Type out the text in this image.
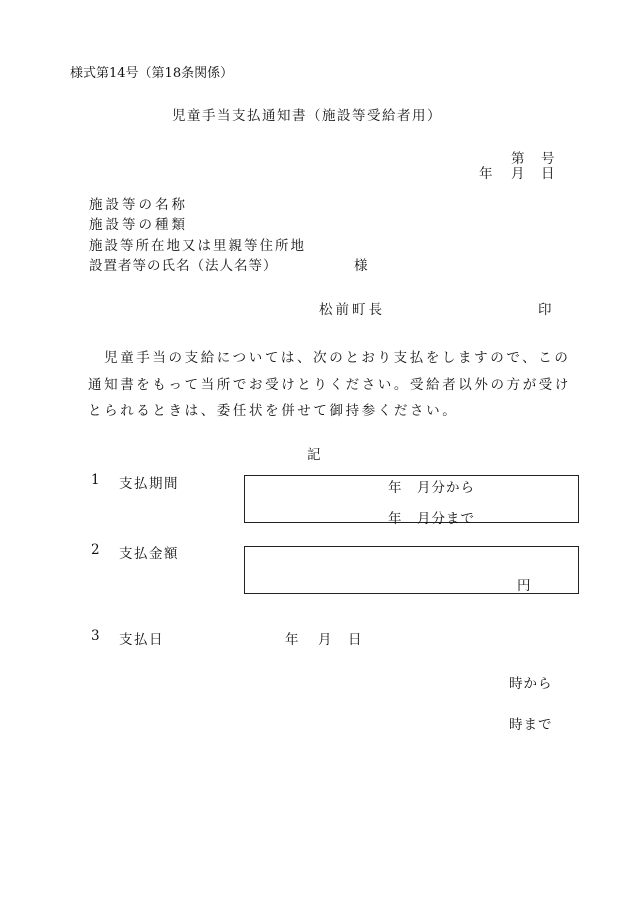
様式第14号（第18条関係）
児童手当支払通知書（施設等受給者用）
第 号
年 月 日
施設等の名称
施設等の種類
施設等所在地又は里親等住所地
設置者等の氏名（法人名等）	様
松前町長	印
　児童手当の支給については、次のとおり支払をしますので、この
通知書をもって当所でお受けとりください。受給者以外の方が受け
とられるときは、委任状を併せて御持参ください。
記
1 支払期間	年　月分から
年　月分まで
2 支払金額
円
3 支払日	年 月 日
時から
時まで
